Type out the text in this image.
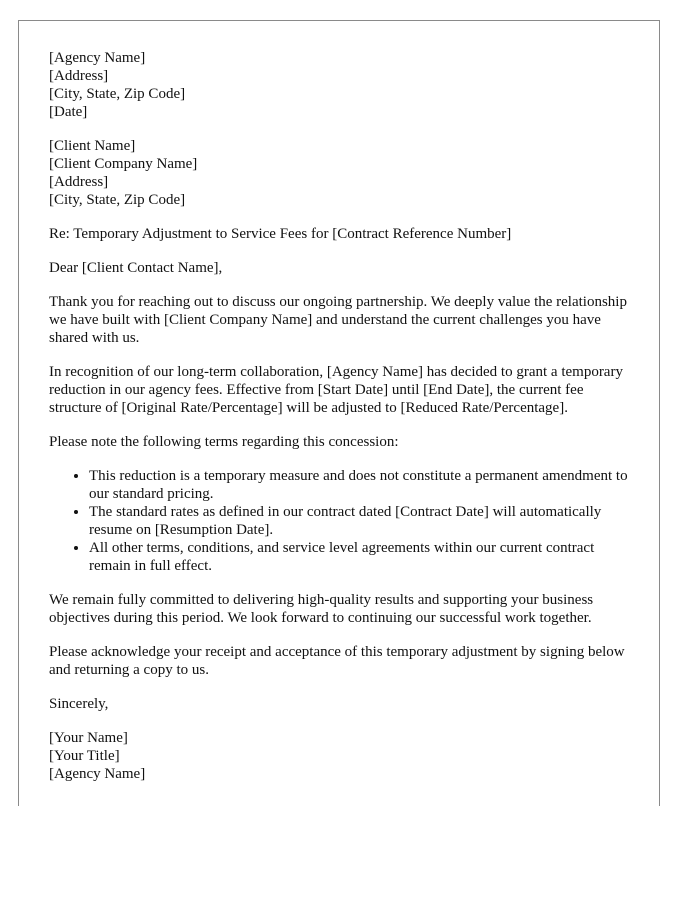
[Agency Name]
[Address]
[City, State, Zip Code]
[Date]
[Client Name]
[Client Company Name]
[Address]
[City, State, Zip Code]

Re: Temporary Adjustment to Service Fees for [Contract Reference Number]

Dear [Client Contact Name],

Thank you for reaching out to discuss our ongoing partnership. We deeply value the relationship we have built with [Client Company Name] and understand the current challenges you have shared with us.

In recognition of our long-term collaboration, [Agency Name] has decided to grant a temporary reduction in our agency fees. Effective from [Start Date] until [End Date], the current fee structure of [Original Rate/Percentage] will be adjusted to [Reduced Rate/Percentage].

Please note the following terms regarding this concession:

• This reduction is a temporary measure and does not constitute a permanent amendment to our standard pricing.
• The standard rates as defined in our contract dated [Contract Date] will automatically resume on [Resumption Date].
• All other terms, conditions, and service level agreements within our current contract remain in full effect.

We remain fully committed to delivering high-quality results and supporting your business objectives during this period. We look forward to continuing our successful work together.

Please acknowledge your receipt and acceptance of this temporary adjustment by signing below and returning a copy to us.

Sincerely,

[Your Name]
[Your Title]
[Agency Name]
